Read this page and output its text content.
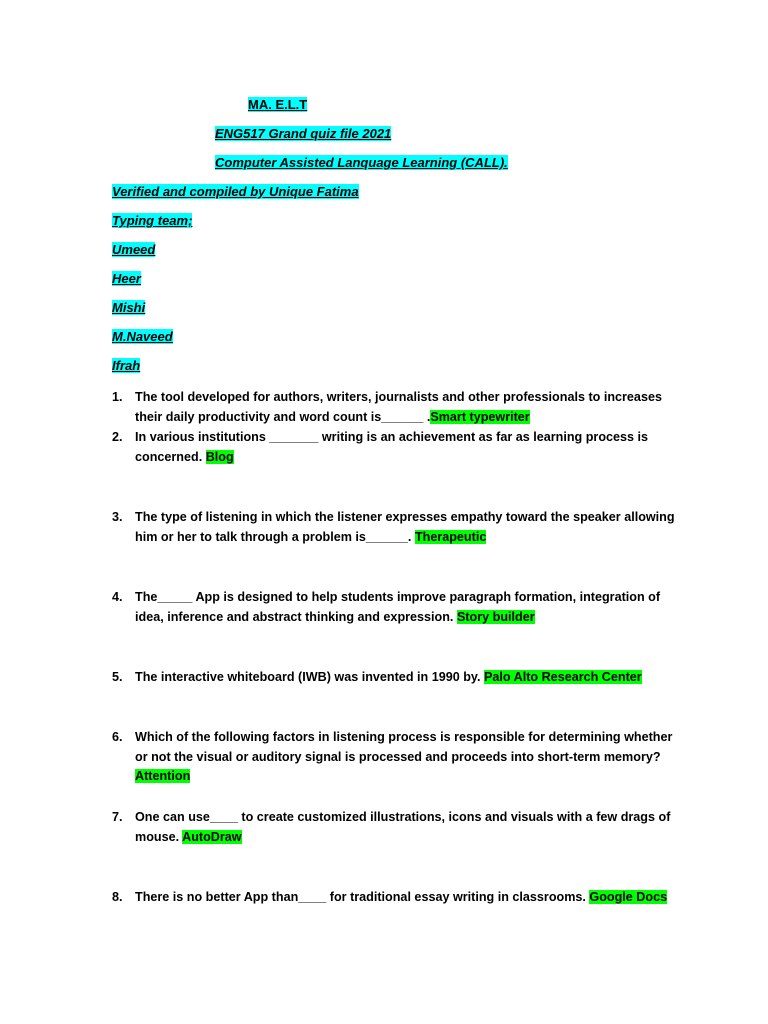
MA. E.L.T
ENG517 Grand quiz file 2021
Computer Assisted Lanquage Learning (CALL).
Verified and compiled by Unique Fatima
Typing team;
Umeed
Heer
Mishi
M.Naveed
Ifrah
1. The tool developed for authors, writers, journalists and other professionals to increases their daily productivity and word count is______ .Smart typewriter
2. In various institutions _______ writing is an achievement as far as learning process is concerned. Blog
3. The type of listening in which the listener expresses empathy toward the speaker allowing him or her to talk through a problem is______. Therapeutic
4. The_____ App is designed to help students improve paragraph formation, integration of idea, inference and abstract thinking and expression. Story builder
5. The interactive whiteboard (IWB) was invented in 1990 by. Palo Alto Research Center
6. Which of the following factors in listening process is responsible for determining whether or not the visual or auditory signal is processed and proceeds into short-term memory? Attention
7. One can use____ to create customized illustrations, icons and visuals with a few drags of mouse. AutoDraw
8. There is no better App than____ for traditional essay writing in classrooms. Google Docs
